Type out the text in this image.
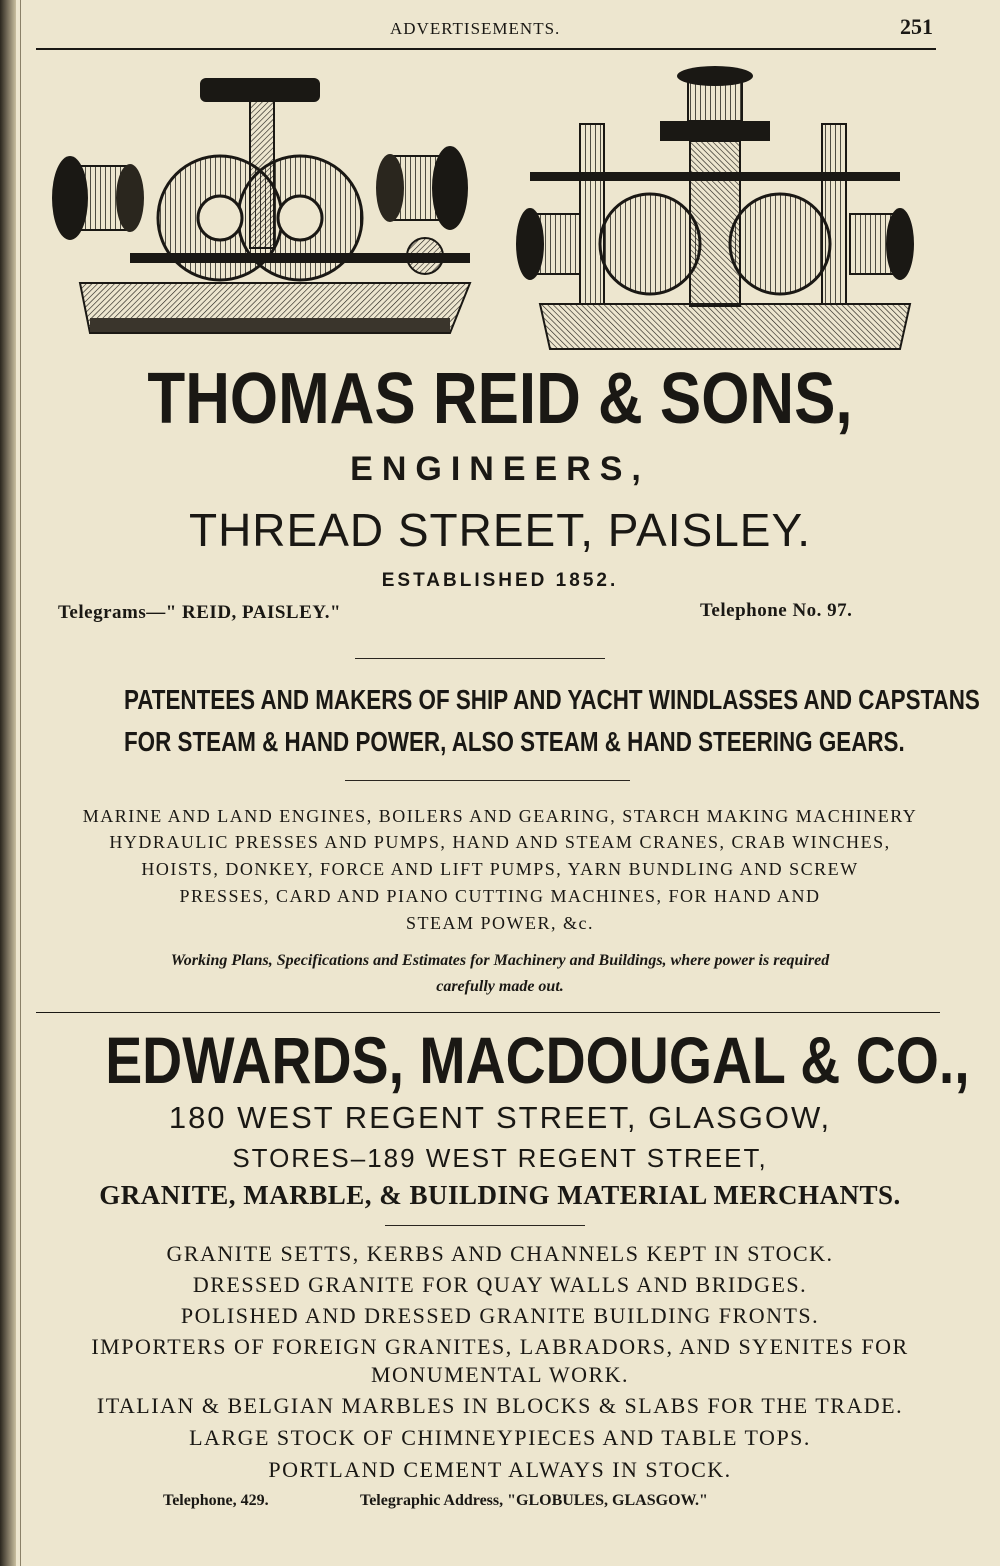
ADVERTISEMENTS.	251
THOMAS REID & SONS,
ENGINEERS,
THREAD STREET, PAISLEY.
ESTABLISHED 1852.
Telegrams—" REID, PAISLEY."	Telephone No. 97.
PATENTEES AND MAKERS OF SHIP AND YACHT WINDLASSES AND CAPSTANS
FOR STEAM & HAND POWER, ALSO STEAM & HAND STEERING GEARS.
MARINE AND LAND ENGINES, BOILERS AND GEARING, STARCH MAKING MACHINERY
HYDRAULIC PRESSES AND PUMPS, HAND AND STEAM CRANES, CRAB WINCHES,
HOISTS, DONKEY, FORCE AND LIFT PUMPS, YARN BUNDLING AND SCREW
PRESSES, CARD AND PIANO CUTTING MACHINES, FOR HAND AND
STEAM POWER, &c.
Working Plans, Specifications and Estimates for Machinery and Buildings, where power is required
carefully made out.
EDWARDS, MACDOUGAL & CO.,
180 WEST REGENT STREET, GLASGOW,
STORES–189 WEST REGENT STREET,
GRANITE, MARBLE, & BUILDING MATERIAL MERCHANTS.
GRANITE SETTS, KERBS AND CHANNELS KEPT IN STOCK.
DRESSED GRANITE FOR QUAY WALLS AND BRIDGES.
POLISHED AND DRESSED GRANITE BUILDING FRONTS.
IMPORTERS OF FOREIGN GRANITES, LABRADORS, AND SYENITES FOR
MONUMENTAL WORK.
ITALIAN & BELGIAN MARBLES IN BLOCKS & SLABS FOR THE TRADE.
LARGE STOCK OF CHIMNEYPIECES AND TABLE TOPS.
PORTLAND CEMENT ALWAYS IN STOCK.
Telephone, 429.	Telegraphic Address, "GLOBULES, GLASGOW."
